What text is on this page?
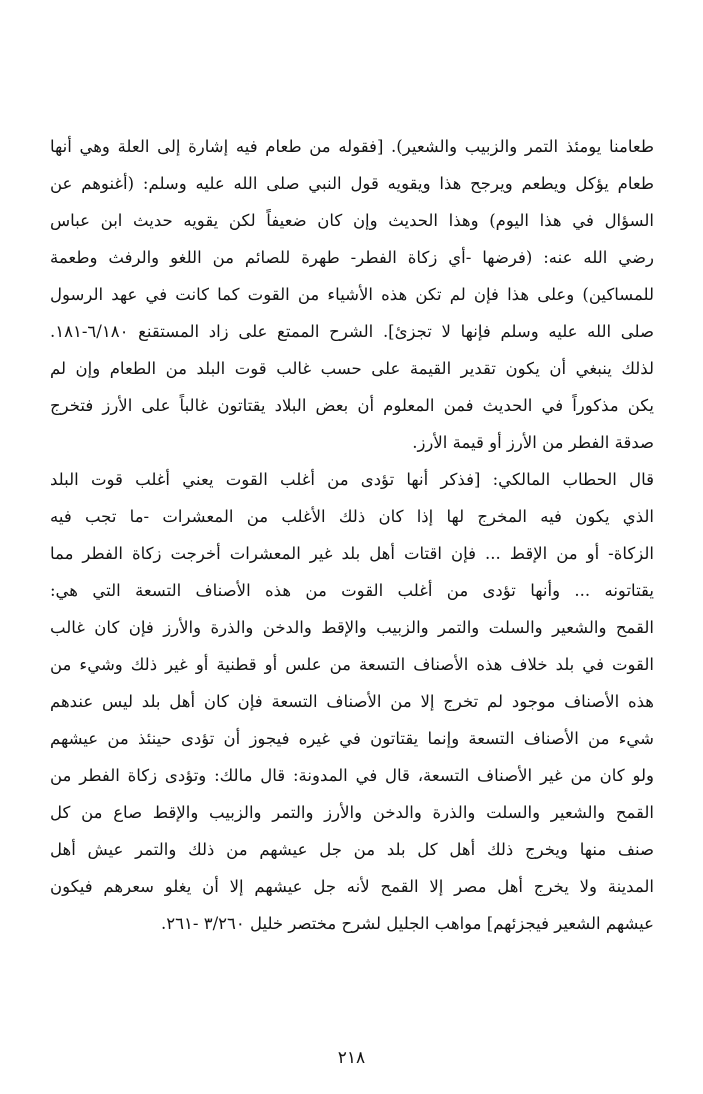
طعامنا يومئذ التمر والزبيب والشعير). [فقوله من طعام فيه إشارة إلى العلة وهي أنها
طعام يؤكل ويطعم ويرجح هذا ويقويه قول النبي صلى الله عليه وسلم: (أغنوهم عن
السؤال في هذا اليوم) وهذا الحديث وإن كان ضعيفاً لكن يقويه حديث ابن عباس
رضي الله عنه: (فرضها -أي زكاة الفطر- طهرة للصائم من اللغو والرفث وطعمة
للمساكين) وعلى هذا فإن لم تكن هذه الأشياء من القوت كما كانت في عهد الرسول
صلى الله عليه وسلم فإنها لا تجزئ]. الشرح الممتع على زاد المستقنع ٦/١٨٠-١٨١.
لذلك ينبغي أن يكون تقدير القيمة على حسب غالب قوت البلد من الطعام وإن لم
يكن مذكوراً في الحديث فمن المعلوم أن بعض البلاد يقتاتون غالباً على الأرز فتخرج
صدقة الفطر من الأرز أو قيمة الأرز.
قال الحطاب المالكي: [فذكر أنها تؤدى من أغلب القوت يعني أغلب قوت البلد
الذي يكون فيه المخرج لها إذا كان ذلك الأغلب من المعشرات -ما تجب فيه
الزكاة- أو من الإقط ... فإن اقتات أهل بلد غير المعشرات أخرجت زكاة الفطر مما
يقتاتونه ... وأنها تؤدى من أغلب القوت من هذه الأصناف التسعة التي هي:
القمح والشعير والسلت والتمر والزبيب والإقط والدخن والذرة والأرز فإن كان غالب
القوت في بلد خلاف هذه الأصناف التسعة من علس أو قطنية أو غير ذلك وشيء من
هذه الأصناف موجود لم تخرج إلا من الأصناف التسعة فإن كان أهل بلد ليس عندهم
شيء من الأصناف التسعة وإنما يقتاتون في غيره فيجوز أن تؤدى حينئذ من عيشهم
ولو كان من غير الأصناف التسعة، قال في المدونة: قال مالك: وتؤدى زكاة الفطر من
القمح والشعير والسلت والذرة والدخن والأرز والتمر والزبيب والإقط صاع من كل
صنف منها ويخرج ذلك أهل كل بلد من جل عيشهم من ذلك والتمر عيش أهل
المدينة ولا يخرج أهل مصر إلا القمح لأنه جل عيشهم إلا أن يغلو سعرهم فيكون
عيشهم الشعير فيجزئهم] مواهب الجليل لشرح مختصر خليل ٣/٢٦٠ -٢٦١.
٢١٨
